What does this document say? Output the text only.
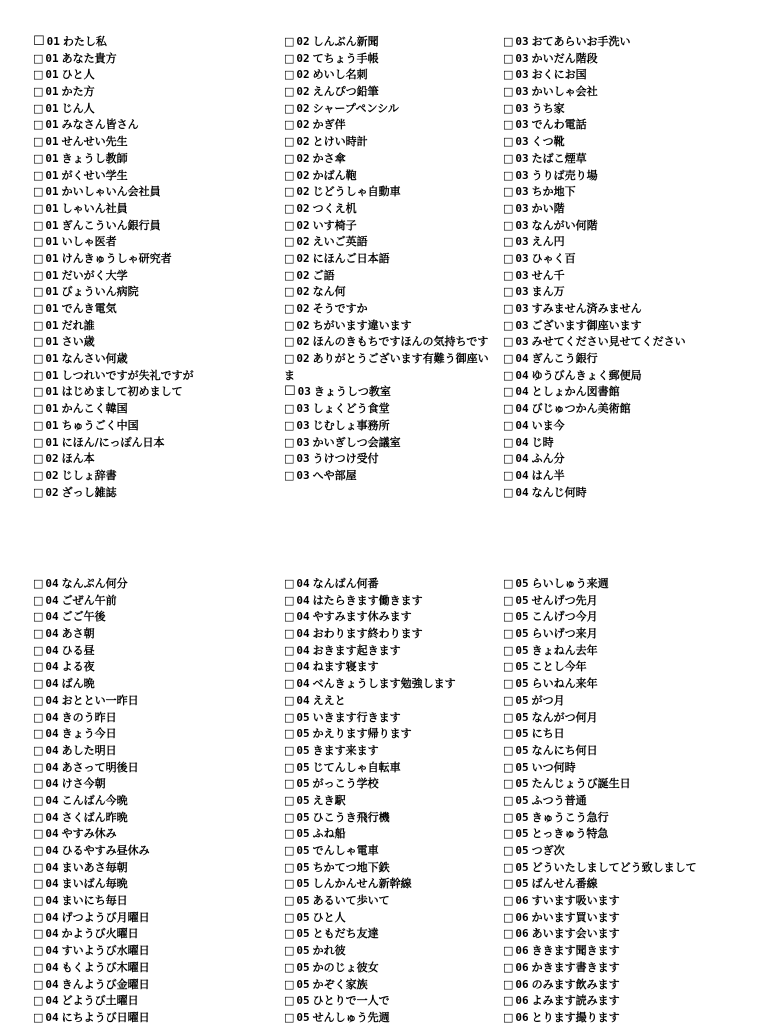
☐ 01 わたし私
□ 01 あなた貴方
□ 01 ひと人
□ 01 かた方
□ 01 じん人
□ 01 みなさん皆さん
□ 01 せんせい先生
□ 01 きょうし教師
□ 01 がくせい学生
□ 01 かいしゃいん会社員
□ 01 しゃいん社員
□ 01 ぎんこういん銀行員
□ 01 いしゃ医者
□ 01 けんきゅうしゃ研究者
□ 01 だいがく大学
□ 01 びょういん病院
□ 01 でんき電気
□ 01 だれ誰
□ 01 さい歳
□ 01 なんさい何歳
□ 01 しつれいですが失礼ですが
□ 01 はじめまして初めまして
□ 01 かんこく韓国
□ 01 ちゅうごく中国
□ 01 にほん/にっぽん日本
□ 02 ほん本
□ 02 じしょ辞書
□ 02 ざっし雑誌
□ 02 しんぶん新聞
□ 02 てちょう手帳
□ 02 めいし名刺
□ 02 えんぴつ鉛筆
□ 02 シャープペンシル
□ 02 かぎ伴
□ 02 とけい時計
□ 02 かさ傘
□ 02 かばん鞄
□ 02 じどうしゃ自動車
□ 02 つくえ机
□ 02 いす椅子
□ 02 えいご英語
□ 02 にほんご日本語
□ 02 ご語
□ 02 なん何
□ 02 そうですか
□ 02 ちがいます違います
□ 02 ほんのきもちですほんの気持ちです
□ 02 ありがとうございます有難う御座いま
☐ 03 きょうしつ教室
□ 03 しょくどう食堂
□ 03 じむしょ事務所
□ 03 かいぎしつ会議室
□ 03 うけつけ受付
□ 03 へや部屋
□ 03 おてあらいお手洗い
□ 03 かいだん階段
□ 03 おくにお国
□ 03 かいしゃ会社
□ 03 うち家
□ 03 でんわ電話
□ 03 くつ靴
□ 03 たばこ煙草
□ 03 うりば売り場
□ 03 ちか地下
□ 03 かい階
□ 03 なんがい何階
□ 03 えん円
□ 03 ひゃく百
□ 03 せん千
□ 03 まん万
□ 03 すみません済みません
□ 03 ございます御座います
□ 03 みせてください見せてください
□ 04 ぎんこう銀行
□ 04 ゆうびんきょく郵便局
□ 04 としょかん図書館
□ 04 びじゅつかん美術館
□ 04 いま今
□ 04 じ時
□ 04 ふん分
□ 04 はん半
□ 04 なんじ何時
□ 04 なんぷん何分
□ 04 ごぜん午前
□ 04 ごご午後
□ 04 あさ朝
□ 04 ひる昼
□ 04 よる夜
□ 04 ばん晩
□ 04 おととい一昨日
□ 04 きのう昨日
□ 04 きょう今日
□ 04 あした明日
□ 04 あさって明後日
□ 04 けさ今朝
□ 04 こんばん今晩
□ 04 さくばん昨晩
□ 04 やすみ休み
□ 04 ひるやすみ昼休み
□ 04 まいあさ毎朝
□ 04 まいばん毎晩
□ 04 まいにち毎日
□ 04 げつようび月曜日
□ 04 かようび火曜日
□ 04 すいようび水曜日
□ 04 もくようび木曜日
□ 04 きんようび金曜日
□ 04 どようび土曜日
□ 04 にちようび日曜日
□ 04 なんばん何番
□ 04 はたらきます働きます
□ 04 やすみます休みます
□ 04 おわります終わります
□ 04 おきます起きます
□ 04 ねます寝ます
□ 04 べんきょうします勉強します
□ 04 ええと
□ 05 いきます行きます
□ 05 かえります帰ります
□ 05 きます来ます
□ 05 じてんしゃ自転車
□ 05 がっこう学校
□ 05 えき駅
□ 05 ひこうき飛行機
□ 05 ふね船
□ 05 でんしゃ電車
□ 05 ちかてつ地下鉄
□ 05 しんかんせん新幹線
□ 05 あるいて歩いて
□ 05 ひと人
□ 05 ともだち友達
□ 05 かれ彼
□ 05 かのじょ彼女
□ 05 かぞく家族
□ 05 ひとりで一人で
□ 05 せんしゅう先週
□ 05 らいしゅう来週
□ 05 せんげつ先月
□ 05 こんげつ今月
□ 05 らいげつ来月
□ 05 きょねん去年
□ 05 ことし今年
□ 05 らいねん来年
□ 05 がつ月
□ 05 なんがつ何月
□ 05 にち日
□ 05 なんにち何日
□ 05 いつ何時
□ 05 たんじょうび誕生日
□ 05 ふつう普通
□ 05 きゅうこう急行
□ 05 とっきゅう特急
□ 05 つぎ次
□ 05 どういたしましてどう致しまして
□ 05 ばんせん番線
□ 06 すいます吸います
□ 06 かいます買います
□ 06 あいます会います
□ 06 ききます聞きます
□ 06 かきます書きます
□ 06 のみます飲みます
□ 06 よみます読みます
□ 06 とります撮ります
